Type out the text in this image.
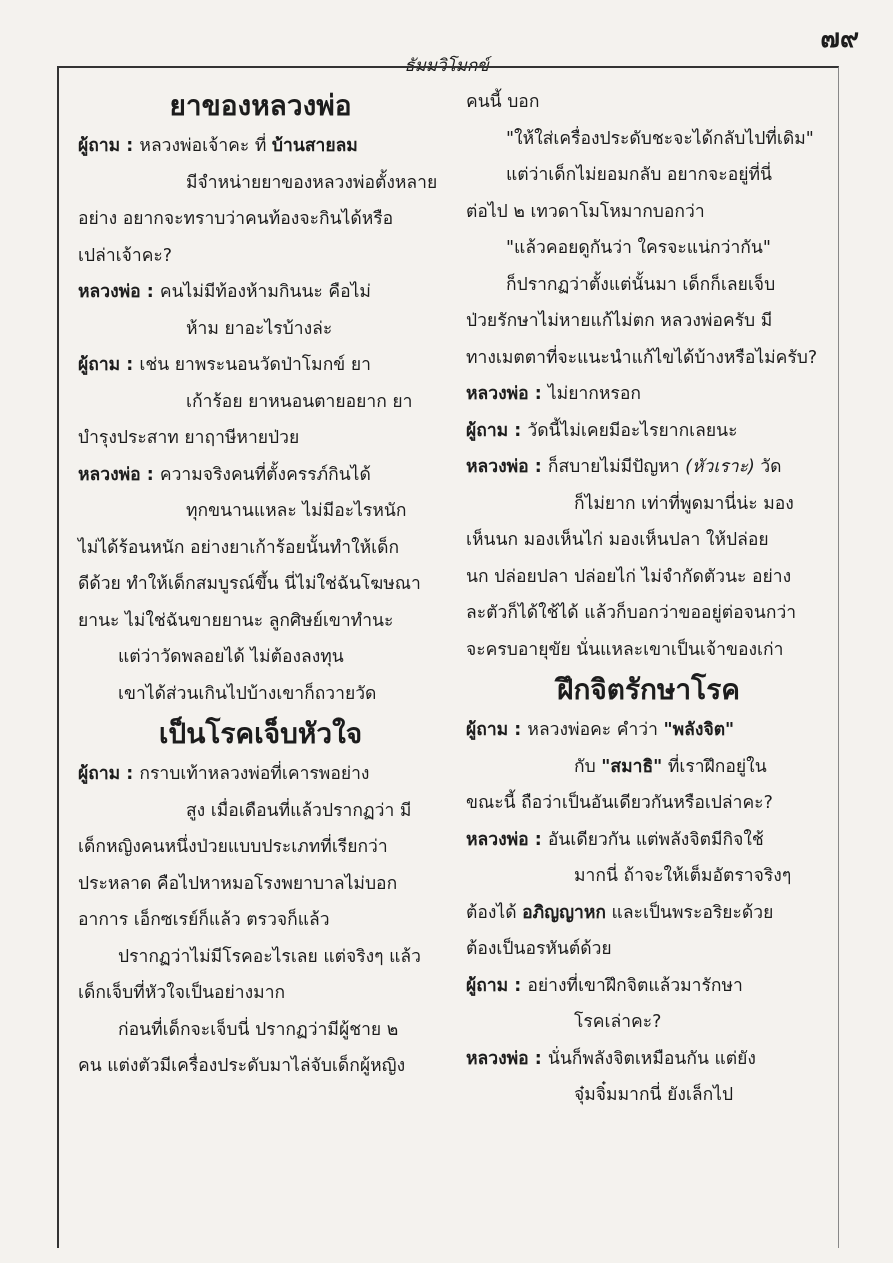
๗๙
ธัมมวิโมกข์

ยาของหลวงพ่อ

ผู้ถาม : หลวงพ่อเจ้าคะ ที่ บ้านสายลม

มีจำหน่ายยาของหลวงพ่อตั้งหลาย

อย่าง อยากจะทราบว่าคนท้องจะกินได้หรือ

เปล่าเจ้าคะ?

หลวงพ่อ : คนไม่มีท้องห้ามกินนะ คือไม่

ห้าม ยาอะไรบ้างล่ะ

ผู้ถาม : เช่น ยาพระนอนวัดป่าโมกข์ ยา

เก้าร้อย ยาหนอนตายอยาก ยา

บำรุงประสาท ยาฤาษีหายป่วย

หลวงพ่อ : ความจริงคนที่ตั้งครรภ์กินได้

ทุกขนานแหละ ไม่มีอะไรหนัก

ไม่ได้ร้อนหนัก อย่างยาเก้าร้อยนั้นทำให้เด็ก

ดีด้วย ทำให้เด็กสมบูรณ์ขึ้น นี่ไม่ใช่ฉันโฆษณา

ยานะ ไม่ใช่ฉันขายยานะ ลูกศิษย์เขาทำนะ

แต่ว่าวัดพลอยได้ ไม่ต้องลงทุน

เขาได้ส่วนเกินไปบ้างเขาก็ถวายวัด

เป็นโรคเจ็บหัวใจ

ผู้ถาม : กราบเท้าหลวงพ่อที่เคารพอย่าง

สูง เมื่อเดือนที่แล้วปรากฏว่า มี

เด็กหญิงคนหนึ่งป่วยแบบประเภทที่เรียกว่า

ประหลาด คือไปหาหมอโรงพยาบาลไม่บอก

อาการ เอ็กซเรย์ก็แล้ว ตรวจก็แล้ว

ปรากฏว่าไม่มีโรคอะไรเลย แต่จริงๆ แล้ว

เด็กเจ็บที่หัวใจเป็นอย่างมาก

ก่อนที่เด็กจะเจ็บนี่ ปรากฏว่ามีผู้ชาย ๒

คน แต่งตัวมีเครื่องประดับมาไล่จับเด็กผู้หญิง

คนนี้ บอก

"ให้ใส่เครื่องประดับชะจะได้กลับไปที่เดิม"

แต่ว่าเด็กไม่ยอมกลับ อยากจะอยู่ที่นี่

ต่อไป ๒ เทวดาโมโหมากบอกว่า

"แล้วคอยดูกันว่า ใครจะแน่กว่ากัน"

ก็ปรากฏว่าตั้งแต่นั้นมา เด็กก็เลยเจ็บ

ป่วยรักษาไม่หายแก้ไม่ตก หลวงพ่อครับ มี

ทางเมตตาที่จะแนะนำแก้ไขได้บ้างหรือไม่ครับ?

หลวงพ่อ : ไม่ยากหรอก

ผู้ถาม : วัดนี้ไม่เคยมีอะไรยากเลยนะ

หลวงพ่อ : ก็สบายไม่มีปัญหา (หัวเราะ) วัด

ก็ไม่ยาก เท่าที่พูดมานี่น่ะ มอง

เห็นนก มองเห็นไก่ มองเห็นปลา ให้ปล่อย

นก ปล่อยปลา ปล่อยไก่ ไม่จำกัดตัวนะ อย่าง

ละตัวก็ได้ใช้ได้ แล้วก็บอกว่าขออยู่ต่อจนกว่า

จะครบอายุขัย นั่นแหละเขาเป็นเจ้าของเก่า

ฝึกจิตรักษาโรค

ผู้ถาม : หลวงพ่อคะ คำว่า "พลังจิต"

กับ "สมาธิ" ที่เราฝึกอยู่ใน

ขณะนี้ ถือว่าเป็นอันเดียวกันหรือเปล่าคะ?

หลวงพ่อ : อันเดียวกัน แต่พลังจิตมีกิจใช้

มากนี่ ถ้าจะให้เต็มอัตราจริงๆ

ต้องได้ อภิญญาหก และเป็นพระอริยะด้วย

ต้องเป็นอรหันต์ด้วย

ผู้ถาม : อย่างที่เขาฝึกจิตแล้วมารักษา

โรคเล่าคะ?

หลวงพ่อ : นั่นก็พลังจิตเหมือนกัน แต่ยัง

จุ๋มจิ๋มมากนี่ ยังเล็กไป
